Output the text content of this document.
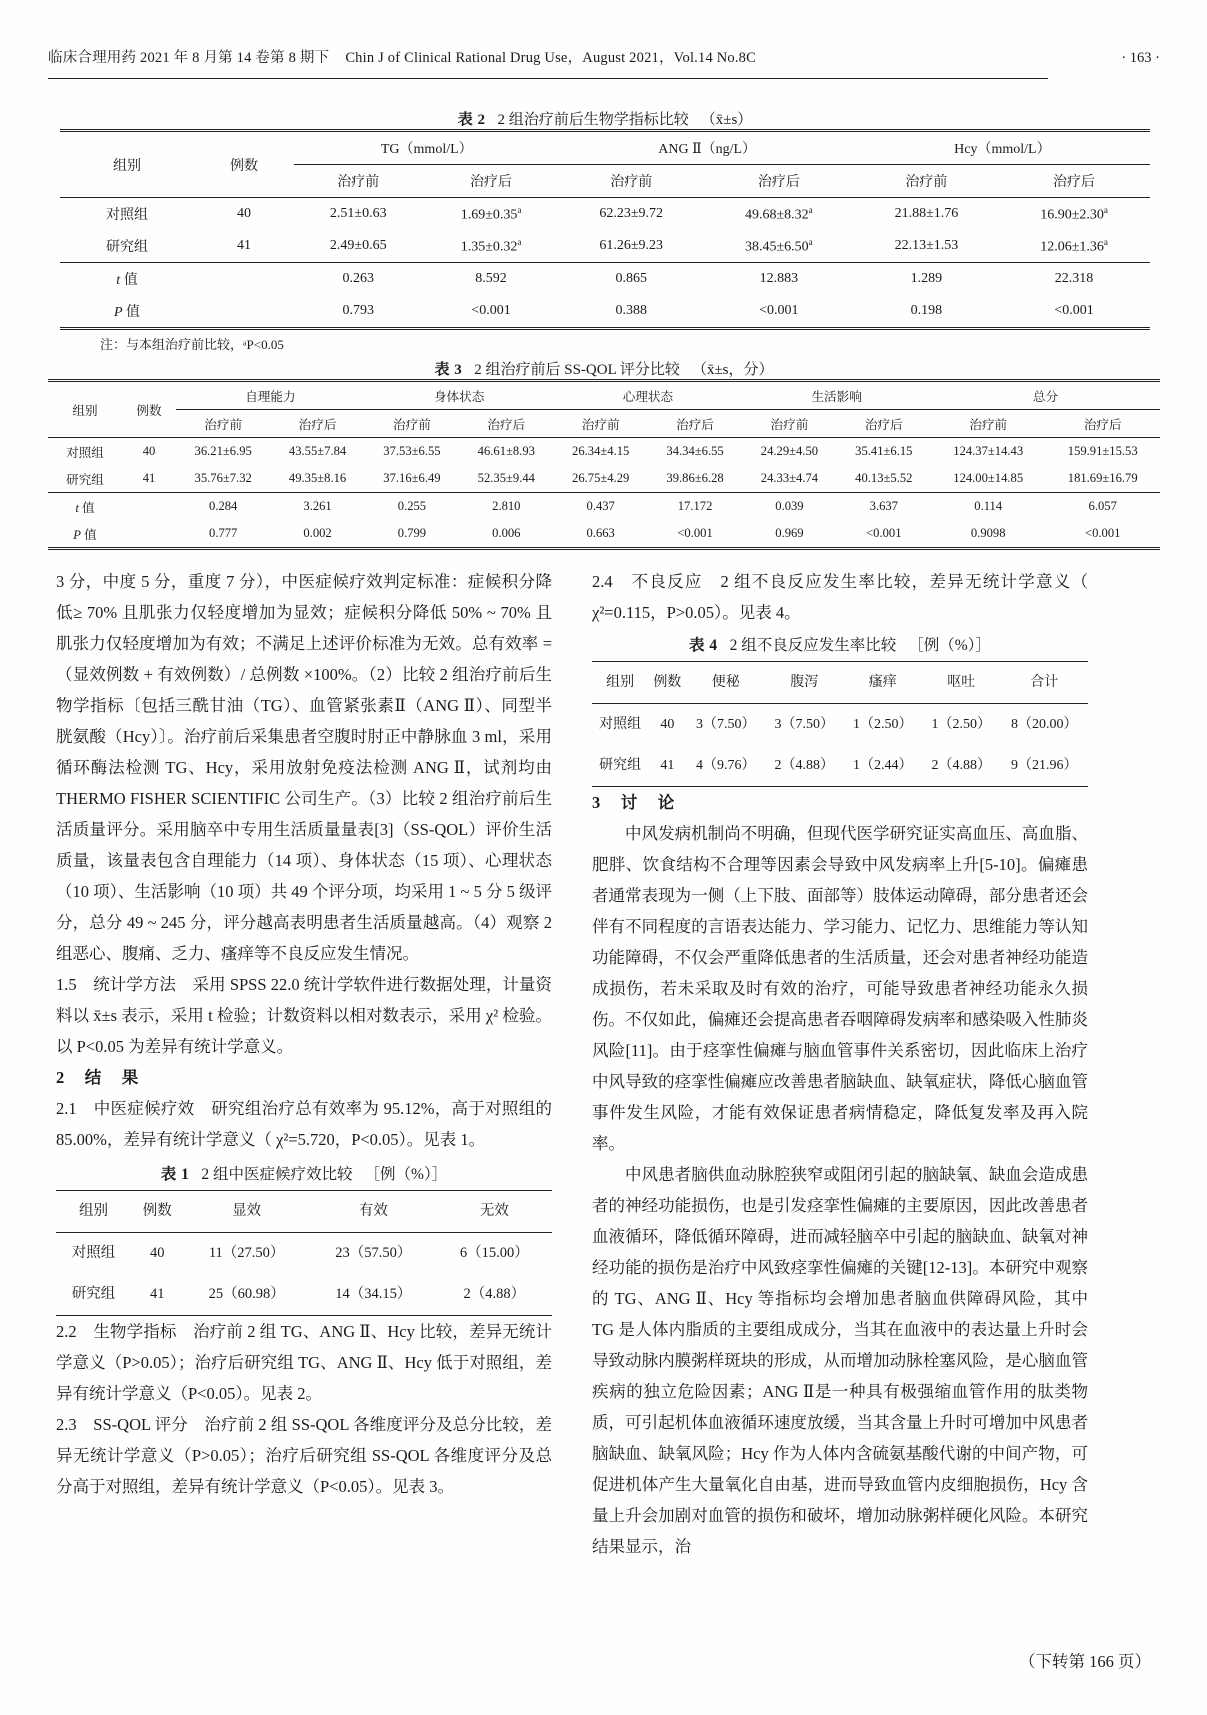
临床合理用药 2021 年 8 月第 14 卷第 8 期下 Chin J of Clinical Rational Drug Use，August 2021，Vol.14 No.8C	· 163 ·

表 2 2 组治疗前后生物学指标比较 （x̄±s）

组别	例数	TG（mmol/L）		ANG Ⅱ（ng/L）		Hcy（mmol/L）	
		治疗前	治疗后	治疗前	治疗后	治疗前	治疗后
对照组	40	2.51±0.63	1.69±0.35$^a$	62.23±9.72	49.68±8.32$^a$	21.88±1.76	16.90±2.30$^a$
研究组	41	2.49±0.65	1.35±0.32$^a$	61.26±9.23	38.45±6.50$^a$	22.13±1.53	12.06±1.36$^a$
t 值		0.263	8.592	0.865	12.883	1.289	22.318
P 值		0.793	<0.001	0.388	<0.001	0.198	<0.001

注：与本组治疗前比较，ᵃP<0.05

表 3 2 组治疗前后 SS-QOL 评分比较 （x̄±s，分）

组别	例数	自理能力		身体状态		心理状态		生活影响		总分	
		治疗前	治疗后	治疗前	治疗后	治疗前	治疗后	治疗前	治疗后	治疗前	治疗后
对照组	40	36.21±6.95	43.55±7.84	37.53±6.55	46.61±8.93	26.34±4.15	34.34±6.55	24.29±4.50	35.41±6.15	124.37±14.43	159.91±15.53
研究组	41	35.76±7.32	49.35±8.16	37.16±6.49	52.35±9.44	26.75±4.29	39.86±6.28	24.33±4.74	40.13±5.52	124.00±14.85	181.69±16.79
t 值		0.284	3.261	0.255	2.810	0.437	17.172	0.039	3.637	0.114	6.057
P 值		0.777	0.002	0.799	0.006	0.663	<0.001	0.969	<0.001	0.9098	<0.001

3 分，中度 5 分，重度 7 分），中医症候疗效判定标准：症候积分降低≥ 70% 且肌张力仅轻度增加为显效；症候积分降低 50% ~ 70% 且肌张力仅轻度增加为有效；不满足上述评价标准为无效。总有效率 =（显效例数 + 有效例数）/ 总例数 ×100%。（2）比较 2 组治疗前后生物学指标〔包括三酰甘油（TG）、血管紧张素Ⅱ（ANG Ⅱ）、同型半胱氨酸（Hcy）〕。治疗前后采集患者空腹时肘正中静脉血 3 ml，采用循环酶法检测 TG、Hcy，采用放射免疫法检测 ANG Ⅱ，试剂均由 THERMO FISHER SCIENTIFIC 公司生产。（3）比较 2 组治疗前后生活质量评分。采用脑卒中专用生活质量量表[3]（SS-QOL）评价生活质量，该量表包含自理能力（14 项）、身体状态（15 项）、心理状态（10 项）、生活影响（10 项）共 49 个评分项，均采用 1 ~ 5 分 5 级评分，总分 49 ~ 245 分，评分越高表明患者生活质量越高。（4）观察 2 组恶心、腹痛、乏力、瘙痒等不良反应发生情况。

1.5　统计学方法　采用 SPSS 22.0 统计学软件进行数据处理，计量资料以 x̄±s 表示，采用 t 检验；计数资料以相对数表示，采用 χ² 检验。以 P<0.05 为差异有统计学意义。

2　结　果

2.1　中医症候疗效　研究组治疗总有效率为 95.12%，高于对照组的 85.00%，差异有统计学意义（ χ²=5.720，P<0.05）。见表 1。

表 1 2 组中医症候疗效比较 ［例（%）］

组别	例数	显效	有效	无效
对照组	40	11（27.50）	23（57.50）	6（15.00）
研究组	41	25（60.98）	14（34.15）	2（4.88）

2.2　生物学指标　治疗前 2 组 TG、ANG Ⅱ、Hcy 比较，差异无统计学意义（P>0.05）；治疗后研究组 TG、ANG Ⅱ、Hcy 低于对照组，差异有统计学意义（P<0.05）。见表 2。

2.3　SS-QOL 评分　治疗前 2 组 SS-QOL 各维度评分及总分比较，差异无统计学意义（P>0.05）；治疗后研究组 SS-QOL 各维度评分及总分高于对照组，差异有统计学意义（P<0.05）。见表 3。

2.4　不良反应　2 组不良反应发生率比较，差异无统计学意义（ χ²=0.115，P>0.05）。见表 4。

表 4 2 组不良反应发生率比较 ［例（%）］

组别	例数	便秘	腹泻	瘙痒	呕吐	合计
对照组	40	3（7.50）	3（7.50）	1（2.50）	1（2.50）	8（20.00）
研究组	41	4（9.76）	2（4.88）	1（2.44）	2（4.88）	9（21.96）

3　讨　论

中风发病机制尚不明确，但现代医学研究证实高血压、高血脂、肥胖、饮食结构不合理等因素会导致中风发病率上升[5-10]。偏瘫患者通常表现为一侧（上下肢、面部等）肢体运动障碍，部分患者还会伴有不同程度的言语表达能力、学习能力、记忆力、思维能力等认知功能障碍，不仅会严重降低患者的生活质量，还会对患者神经功能造成损伤，若未采取及时有效的治疗，可能导致患者神经功能永久损伤。不仅如此，偏瘫还会提高患者吞咽障碍发病率和感染吸入性肺炎风险[11]。由于痉挛性偏瘫与脑血管事件关系密切，因此临床上治疗中风导致的痉挛性偏瘫应改善患者脑缺血、缺氧症状，降低心脑血管事件发生风险，才能有效保证患者病情稳定，降低复发率及再入院率。

中风患者脑供血动脉腔狭窄或阻闭引起的脑缺氧、缺血会造成患者的神经功能损伤，也是引发痉挛性偏瘫的主要原因，因此改善患者血液循环，降低循环障碍，进而减轻脑卒中引起的脑缺血、缺氧对神经功能的损伤是治疗中风致痉挛性偏瘫的关键[12-13]。本研究中观察的 TG、ANG Ⅱ、Hcy 等指标均会增加患者脑血供障碍风险，其中 TG 是人体内脂质的主要组成成分，当其在血液中的表达量上升时会导致动脉内膜粥样斑块的形成，从而增加动脉栓塞风险，是心脑血管疾病的独立危险因素；ANG Ⅱ是一种具有极强缩血管作用的肽类物质，可引起机体血液循环速度放缓，当其含量上升时可增加中风患者脑缺血、缺氧风险；Hcy 作为人体内含硫氨基酸代谢的中间产物，可促进机体产生大量氧化自由基，进而导致血管内皮细胞损伤，Hcy 含量上升会加剧对血管的损伤和破坏，增加动脉粥样硬化风险。本研究结果显示，治

（下转第 166 页）
